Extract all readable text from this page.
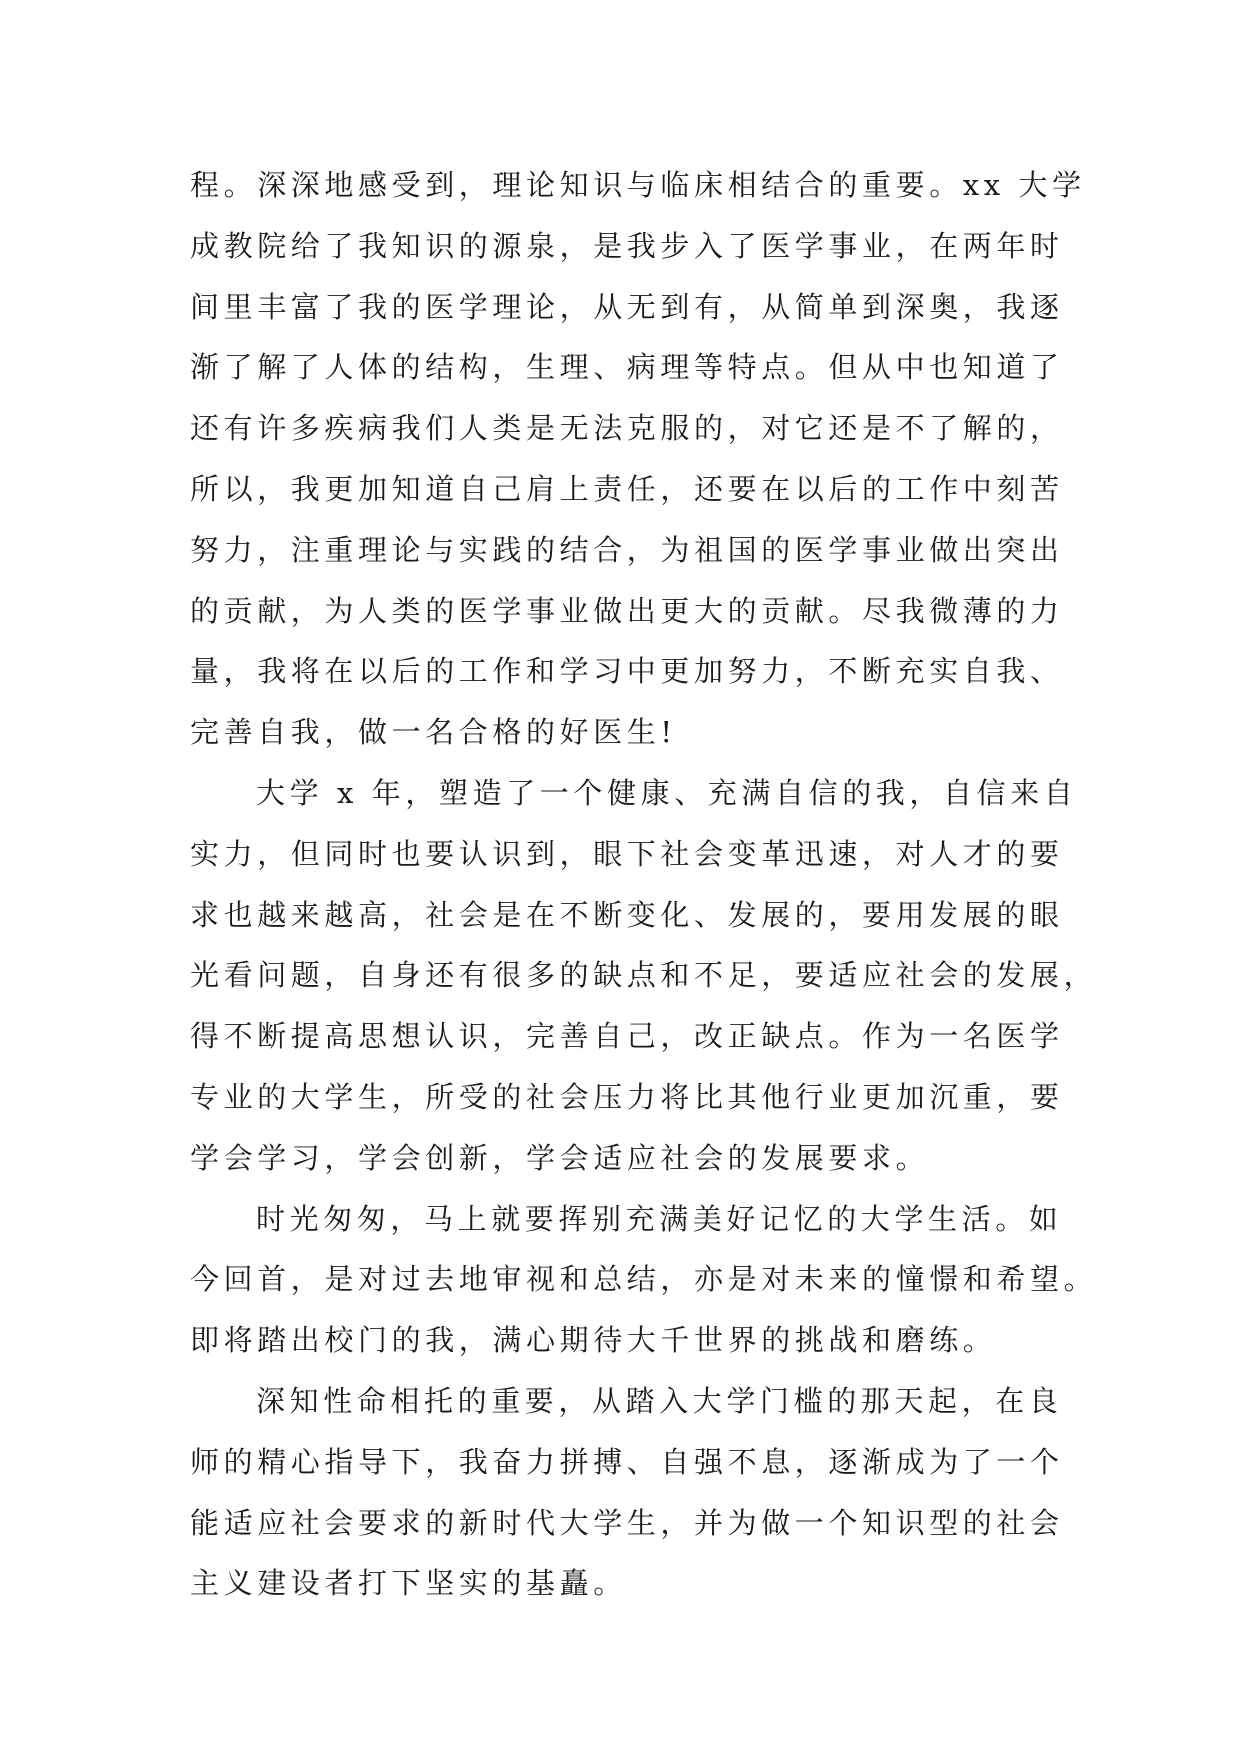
程。深深地感受到，理论知识与临床相结合的重要。xx 大学
成教院给了我知识的源泉，是我步入了医学事业，在两年时
间里丰富了我的医学理论，从无到有，从简单到深奥，我逐
渐了解了人体的结构，生理、病理等特点。但从中也知道了
还有许多疾病我们人类是无法克服的，对它还是不了解的，
所以，我更加知道自己肩上责任，还要在以后的工作中刻苦
努力，注重理论与实践的结合，为祖国的医学事业做出突出
的贡献，为人类的医学事业做出更大的贡献。尽我微薄的力
量，我将在以后的工作和学习中更加努力，不断充实自我、
完善自我，做一名合格的好医生!
大学 x 年，塑造了一个健康、充满自信的我，自信来自
实力，但同时也要认识到，眼下社会变革迅速，对人才的要
求也越来越高，社会是在不断变化、发展的，要用发展的眼
光看问题，自身还有很多的缺点和不足，要适应社会的发展，
得不断提高思想认识，完善自己，改正缺点。作为一名医学
专业的大学生，所受的社会压力将比其他行业更加沉重，要
学会学习，学会创新，学会适应社会的发展要求。
时光匆匆，马上就要挥别充满美好记忆的大学生活。如
今回首，是对过去地审视和总结，亦是对未来的憧憬和希望。
即将踏出校门的我，满心期待大千世界的挑战和磨练。
深知性命相托的重要，从踏入大学门槛的那天起，在良
师的精心指导下，我奋力拼搏、自强不息，逐渐成为了一个
能适应社会要求的新时代大学生，并为做一个知识型的社会
主义建设者打下坚实的基矗。
